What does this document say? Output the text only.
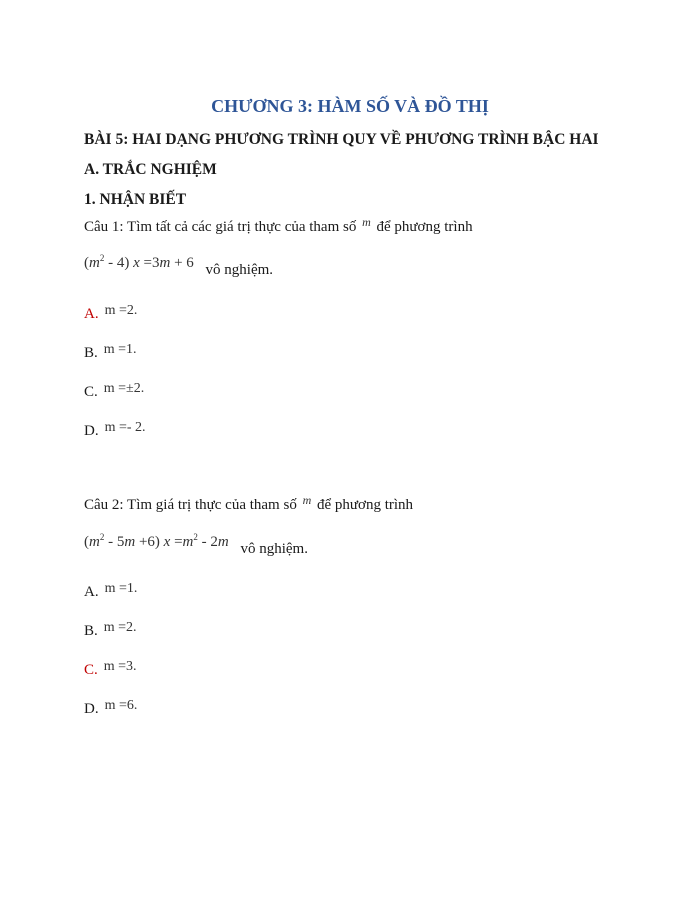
CHƯƠNG 3: HÀM SỐ VÀ ĐỒ THỊ
BÀI 5: HAI DẠNG PHƯƠNG TRÌNH QUY VỀ PHƯƠNG TRÌNH BẬC HAI
A. TRẮC NGHIỆM
1. NHẬN BIẾT
Câu 1: Tìm tất cả các giá trị thực của tham số $^m$ để phương trình
$(m^2 - 4)$ x =3m + 6 vô nghiệm.
A. m =2.
B. m =1.
C. m =±2.
D. m =- 2.
Câu 2: Tìm giá trị thực của tham số $^m$ để phương trình
$(m^2 - 5m +6)$ $x =m^2 - 2m$ vô nghiệm.
A. m =1.
B. m =2.
C. m =3.
D. m =6.
